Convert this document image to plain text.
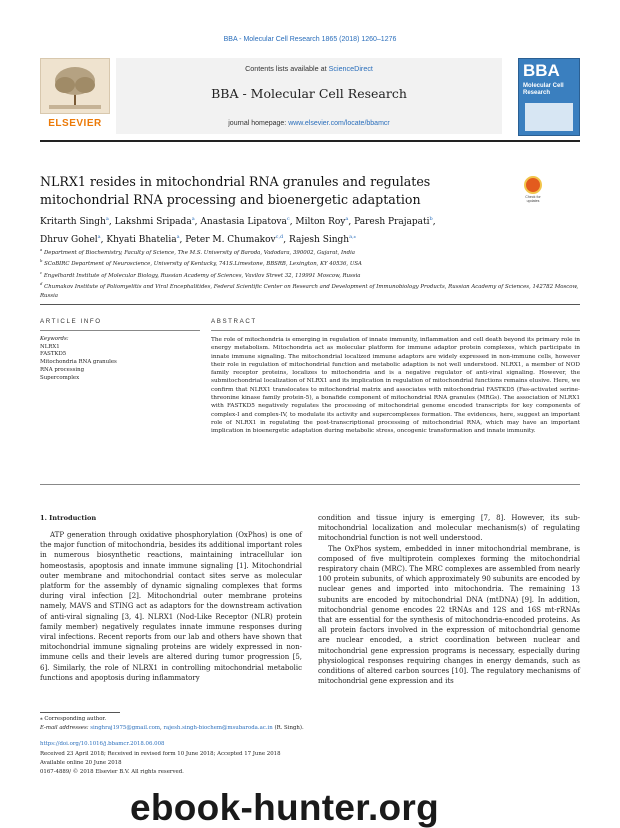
BBA - Molecular Cell Research 1865 (2018) 1260–1276
ELSEVIER
Contents lists available at ScienceDirect
BBA - Molecular Cell Research
journal homepage: www.elsevier.com/locate/bbamcr
BBA
Molecular Cell Research
NLRX1 resides in mitochondrial RNA granules and regulates mitochondrial RNA processing and bioenergetic adaptation	Check for updates
Kritarth Singh$^a$, Lakshmi Sripada$^a$, Anastasia Lipatova$^c$, Milton Roy$^a$, Paresh Prajapati$^b$,
Dhruv Gohel$^a$, Khyati Bhatelia$^a$, Peter M. Chumakov$^{c,d}$, Rajesh Singh$^{a,⁎}$
$^a$ Department of Biochemistry, Faculty of Science, The M.S. University of Baroda, Vadodara, 390002, Gujarat, India
$^b$ SCoBIRC Department of Neuroscience, University of Kentucky, 741S.Limestone, BBSRB, Lexington, KY 40536, USA
$^c$ Engelhardt Institute of Molecular Biology, Russian Academy of Sciences, Vavilov Street 32, 119991 Moscow, Russia
$^d$ Chumakov Institute of Poliomyelitis and Viral Encephalitides, Federal Scientific Center on Research and Development of Immunobiology Products, Russian Academy of Sciences, 142782 Moscow, Russia
ARTICLE INFO	ABSTRACT
Keywords:
NLRX1
FASTKD5
Mitochondria RNA granules
RNA processing
Supercomplex
The role of mitochondria is emerging in regulation of innate immunity, inflammation and cell death beyond its primary role in energy metabolism. Mitochondria act as molecular platform for immune adaptor protein complexes, which participate in innate immune signaling. The mitochondrial localized immune adaptors are widely expressed in non-immune cells, however their role in regulation of mitochondrial function and metabolic adaption is not well understood. NLRX1, a member of NOD family receptor proteins, localizes to mitochondria and is a negative regulator of anti-viral signaling. However, the submitochondrial localization of NLRX1 and its implication in regulation of mitochondrial functions remains elusive. Here, we confirm that NLRX1 translocates to mitochondrial matrix and associates with mitochondrial FASTKD5 (Fas-activated serine-threonine kinase family protein-5), a bonafide component of mitochondrial RNA granules (MRGs). The association of NLRX1 with FASTKD5 negatively regulates the processing of mitochondrial genome encoded transcripts for key components of complex-I and complex-IV, to modulate its activity and supercomplexes formation. The evidences, here, suggest an important role of NLRX1 in regulating the post-transcriptional processing of mitochondrial RNA, which may have an important implication in bioenergetic adaptation during metabolic stress, oncogenic transformation and innate immunity.
1. Introduction

ATP generation through oxidative phosphorylation (OxPhos) is one of the major function of mitochondria, besides its additional important roles in numerous biosynthetic reactions, maintaining intracellular ion homeostasis, apoptosis and innate immune signaling [1]. Mitochondrial outer membrane and mitochondrial contact sites serve as molecular platform for the assembly of dynamic signaling complexes that forms during viral infection [2]. Mitochondrial outer membrane proteins namely, MAVS and STING act as adaptors for the downstream activation of anti-viral signaling [3, 4]. NLRX1 (Nod-Like Receptor (NLR) protein family member) negatively regulates innate immune responses during viral infections. Recent reports from our lab and others have shown that mitochondrial immune signaling proteins are widely expressed in non-immune cells and their levels are altered during tumor progression [5, 6]. Similarly, the role of NLRX1 in controlling mitochondrial metabolic functions and apoptosis during inflammatory

condition and tissue injury is emerging [7, 8]. However, its sub-mitochondrial localization and molecular mechanism(s) of regulating mitochondrial function is not well understood.

The OxPhos system, embedded in inner mitochondrial membrane, is composed of five multiprotein complexes forming the mitochondrial respiratory chain (MRC). The MRC complexes are assembled from nearly 100 protein subunits, of which approximately 90 subunits are encoded by nuclear genes and imported into mitochondria. The remaining 13 subunits are encoded by mitochondrial DNA (mtDNA) [9]. In addition, mitochondrial genome encodes 22 tRNAs and 12S and 16S mt-rRNAs that are essential for the synthesis of mitochondria-encoded proteins. As all protein factors involved in the expression of mitochondrial genome are nuclear encoded, a strict coordination between nuclear and mitochondrial gene expression programs is necessary, especially during physiological responses requiring changes in energy demands, such as conditions of altered carbon sources [10]. The regulatory mechanisms of mitochondrial gene expression and its

⁎ Corresponding author.
E-mail addresses: singhraj1975@gmail.com, rajesh.singh-biochem@msubaroda.ac.in (R. Singh).
https://doi.org/10.1016/j.bbamcr.2018.06.008
Received 23 April 2018; Received in revised form 10 June 2018; Accepted 17 June 2018
Available online 20 June 2018
0167-4889/ © 2018 Elsevier B.V. All rights reserved.
ebook-hunter.org
